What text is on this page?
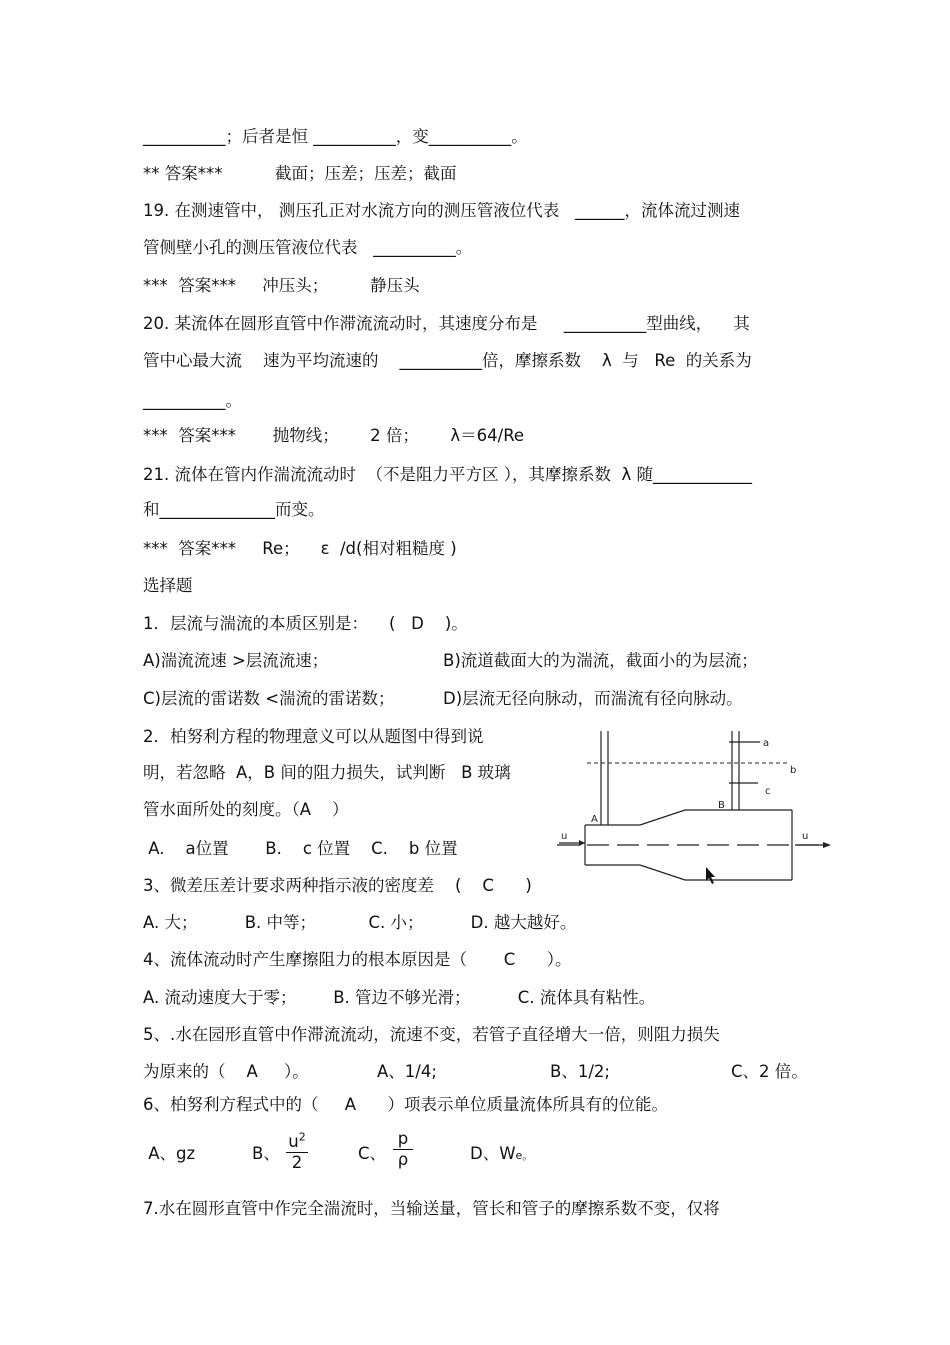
__________；后者是恒 __________，变__________。
** 答案***          截面；压差；压差；截面
19. 在测速管中， 测压孔正对水流方向的测压管液位代表   ______，流体流过测速
管侧壁小孔的测压管液位代表   __________。
***  答案***     冲压头；        静压头
20. 某流体在圆形直管中作滞流流动时，其速度分布是     __________型曲线，    其
管中心最大流    速为平均流速的    __________倍，摩擦系数    λ  与   Re  的关系为
__________。
***  答案***       抛物线；      2 倍；      λ＝64/Re
21. 流体在管内作湍流流动时  （不是阻力平方区 ），其摩擦系数  λ 随____________
和______________而变。
***  答案***     Re；    ε  /d(相对粗糙度 )
选择题
1．层流与湍流的本质区别是：    (   D    )。
A)湍流流速 >层流流速；	B)流道截面大的为湍流，截面小的为层流；
C)层流的雷诺数 <湍流的雷诺数；	D)层流无径向脉动，而湍流有径向脉动。
2．柏努利方程的物理意义可以从题图中得到说
明，若忽略  A，B 间的阻力损失，试判断   B 玻璃
管水面所处的刻度。（A    ）
A.    a位置       B.    c 位置    C.    b 位置
3、微差压差计要求两种指示液的密度差    (    C      )
A. 大；         B. 中等；          C. 小；         D. 越大越好。
4、流体流动时产生摩擦阻力的根本原因是（       C      ）。
A. 流动速度大于零；       B. 管边不够光滑；         C. 流体具有粘性。
5、.水在园形直管中作滞流流动，流速不变，若管子直径增大一倍，则阻力损失
为原来的（    A     ）。	A、1/4;	B、1/2;	C、2 倍。
6、柏努利方程式中的（     A      ）项表示单位质量流体所具有的位能。
A、gz	B、
$u^2$
2	C、
p
ρ	D、We。
7.水在圆形直管中作完全湍流时，当输送量，管长和管子的摩擦系数不变，仅将
a
b
c
A
B
u	u
